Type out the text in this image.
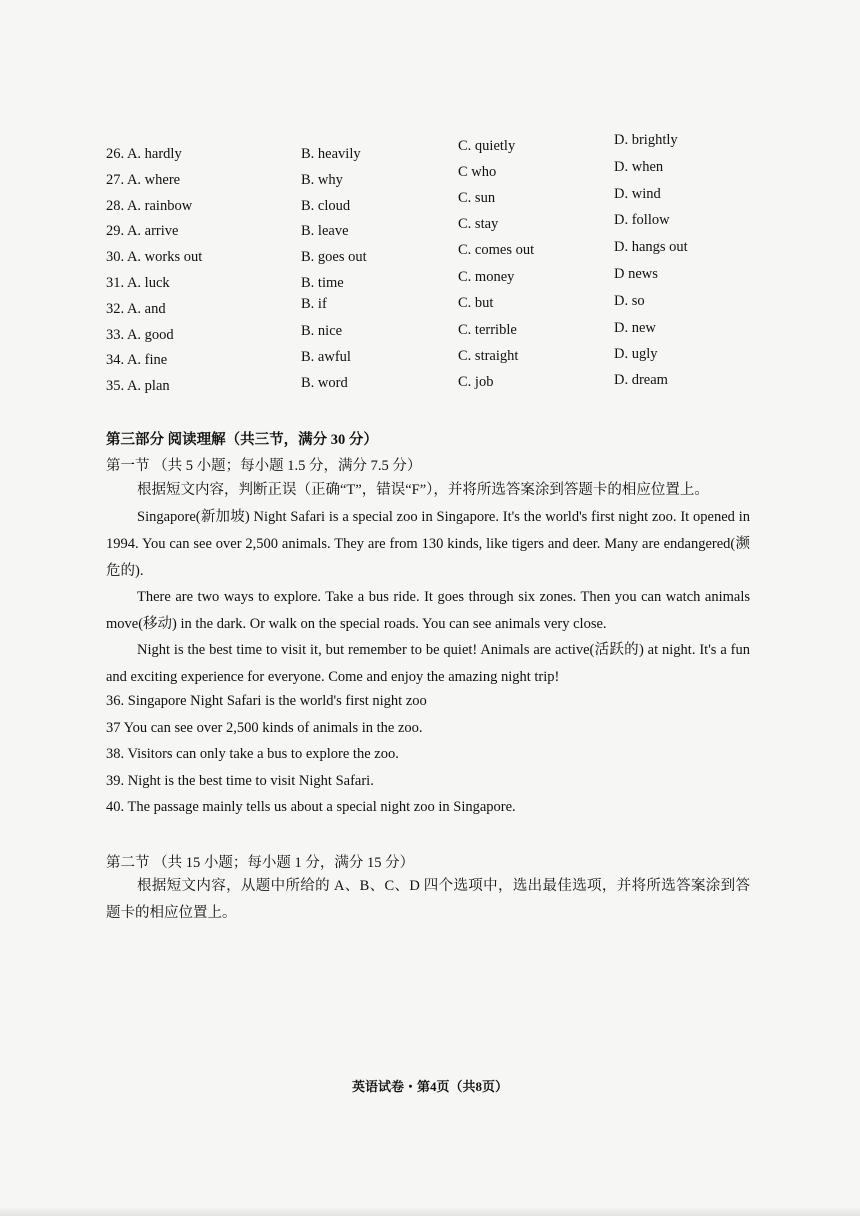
26. A. hardly	B. heavily	C. quietly	D. brightly
27. A. where	B. why	C who	D. when
28. A. rainbow	B. cloud	C. sun	D. wind
29. A. arrive	B. leave	C. stay	D. follow
30. A. works out	B. goes out	C. comes out	D. hangs out
31. A. luck	B. time	C. money	D news
32. A. and	B. if	C. but	D. so
33. A. good	B. nice	C. terrible	D. new
34. A. fine	B. awful	C. straight	D. ugly
35. A. plan	B. word	C. job	D. dream
第三部分 阅读理解（共三节，满分 30 分）
第一节 （共 5 小题；每小题 1.5 分，满分 7.5 分）
根据短文内容，判断正误（正确“T”，错误“F”），并将所选答案涂到答题卡的相应位置上。
Singapore(新加坡) Night Safari is a special zoo in Singapore. It's the world's first night zoo. It opened in 1994. You can see over 2,500 animals. They are from 130 kinds, like tigers and deer. Many are endangered(濒危的).
There are two ways to explore. Take a bus ride. It goes through six zones. Then you can watch animals move(移动) in the dark. Or walk on the special roads. You can see animals very close.
Night is the best time to visit it, but remember to be quiet! Animals are active(活跃的) at night. It's a fun and exciting experience for everyone. Come and enjoy the amazing night trip!
36. Singapore Night Safari is the world's first night zoo
37 You can see over 2,500 kinds of animals in the zoo.
38. Visitors can only take a bus to explore the zoo.
39. Night is the best time to visit Night Safari.
40. The passage mainly tells us about a special night zoo in Singapore.
第二节 （共 15 小题；每小题 1 分，满分 15 分）
根据短文内容，从题中所给的 A、B、C、D 四个选项中，选出最佳选项，并将所选答案涂到答题卡的相应位置上。
英语试卷・第4页（共8页）
